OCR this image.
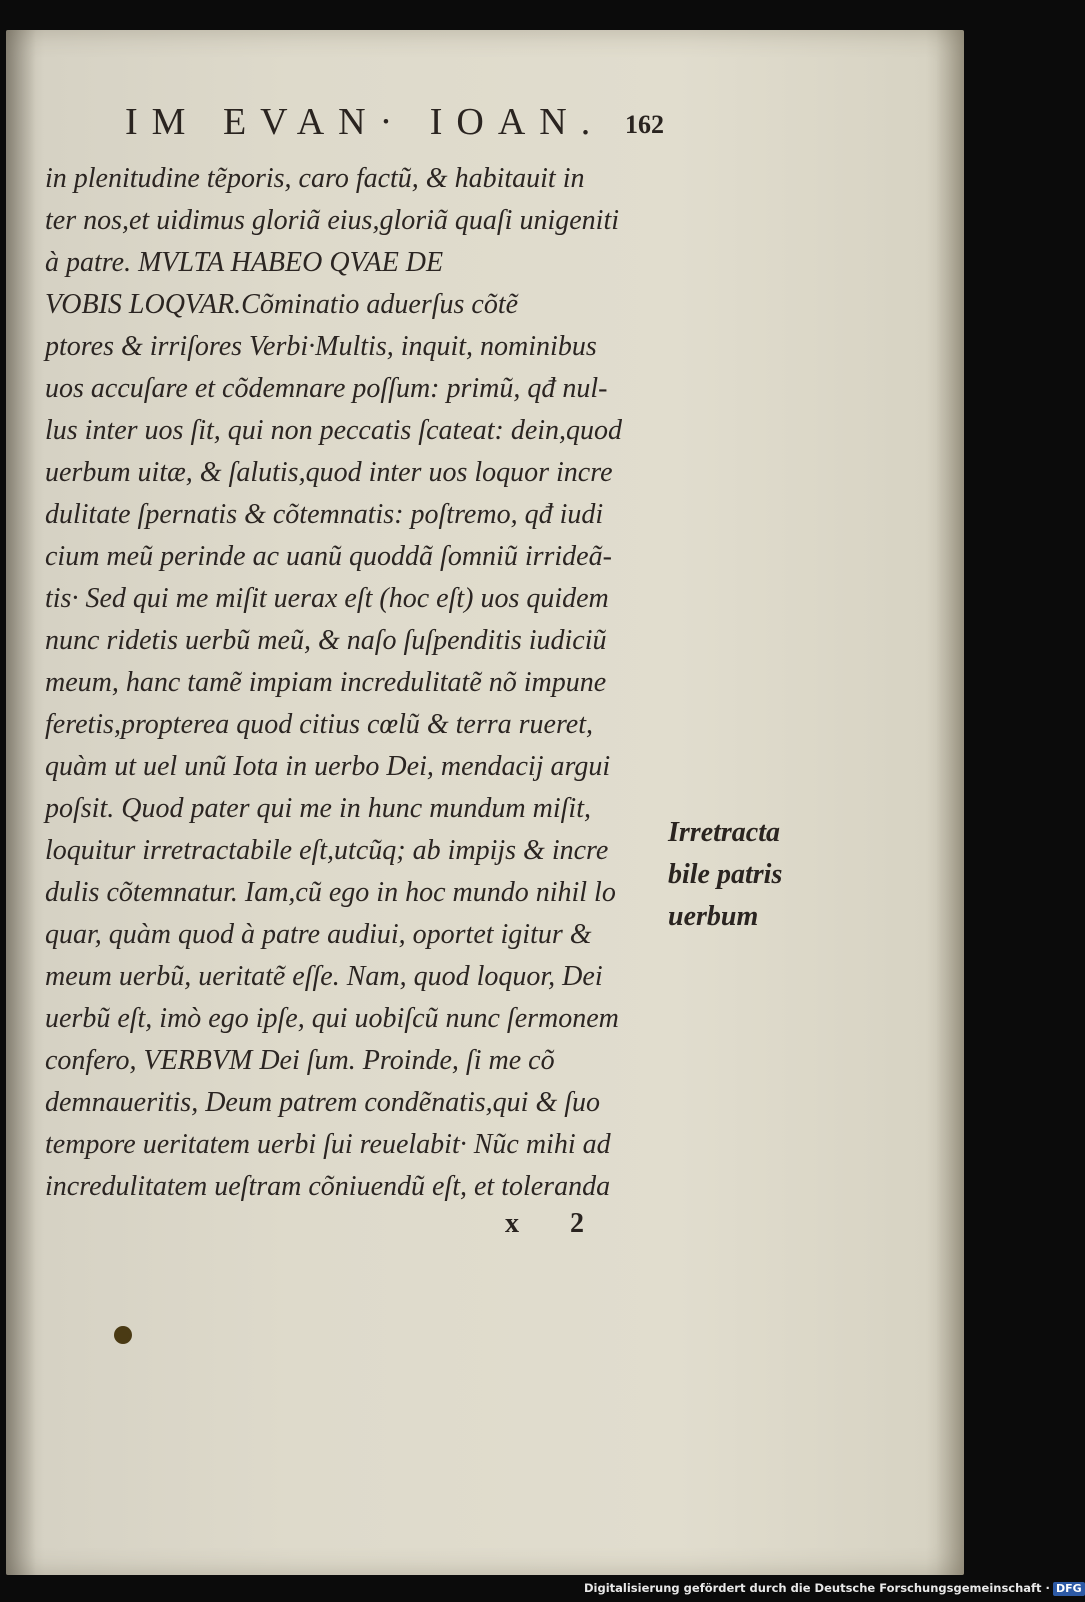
IM EVAN· IOAN. 162
in plenitudine tẽporis, caro factũ, & habitauit in
ter nos,et uidimus gloriã eius,gloriã quaſi unigeniti
à patre. MVLTA HABEO QVAE DE
VOBIS LOQVAR.Cõminatio aduerſus cõtẽ
ptores & irriſores Verbi·Multis, inquit, nominibus
uos accuſare et cõdemnare poſſum: primũ, qđ nul-
lus inter uos ſit, qui non peccatis ſcateat: dein,quod
uerbum uitæ, & ſalutis,quod inter uos loquor incre
dulitate ſpernatis & cõtemnatis: poſtremo, qđ iudi
cium meũ perinde ac uanũ quoddã ſomniũ irrideã-
tis· Sed qui me miſit uerax eſt (hoc eſt) uos quidem
nunc ridetis uerbũ meũ, & naſo ſuſpenditis iudiciũ
meum, hanc tamẽ impiam incredulitatẽ nõ impune
feretis,propterea quod citius cœlũ & terra rueret,
quàm ut uel unũ Iota in uerbo Dei, mendacij argui
poſsit. Quod pater qui me in hunc mundum miſit,
loquitur irretractabile eſt,utcũq; ab impijs & incre
dulis cõtemnatur. Iam,cũ ego in hoc mundo nihil lo
quar, quàm quod à patre audiui, oportet igitur &
meum uerbũ, ueritatẽ eſſe. Nam, quod loquor, Dei
uerbũ eſt, imò ego ipſe, qui uobiſcũ nunc ſermonem
confero, VERBVM Dei ſum. Proinde, ſi me cõ
demnaueritis, Deum patrem condẽnatis,qui & ſuo
tempore ueritatem uerbi ſui reuelabit· Nũc mihi ad
incredulitatem ueſtram cõniuendũ eſt, et toleranda
Irretracta
bile patris
uerbum
x 2
Digitalisierung gefördert durch die Deutsche Forschungsgemeinschaft · DFG
